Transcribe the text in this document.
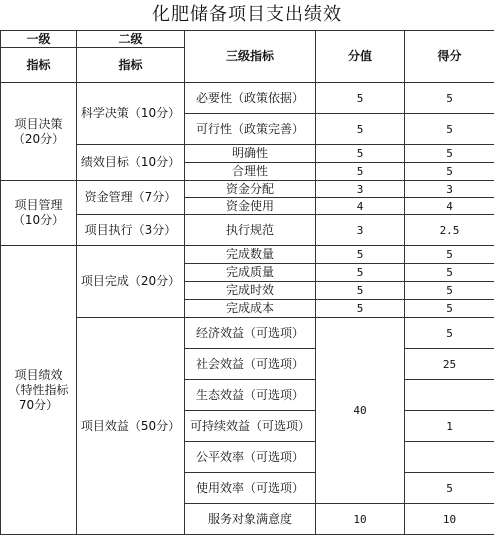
化肥储备项目支出绩效
一级	二级	三级指标	分值	得分
指标	指标			
项目决策（20分）	科学决策（10分）	必要性（政策依据）	5	5
		可行性（政策完善）	5	5
	绩效目标（10分）	明确性	5	5
		合理性	5	5
项目管理（10分）	资金管理（7分）	资金分配	3	3
		资金使用	4	4
	项目执行（3分）	执行规范	3	2.5
项目绩效（特性指标70分）	项目完成（20分）	完成数量	5	5
		完成质量	5	5
		完成时效	5	5
		完成成本	5	5
	项目效益（50分）	经济效益（可选项）	40	5
		社会效益（可选项）		25
		生态效益（可选项）		
		可持续效益（可选项）		1
		公平效率（可选项）		
		使用效率（可选项）		5
		服务对象满意度	10	10
